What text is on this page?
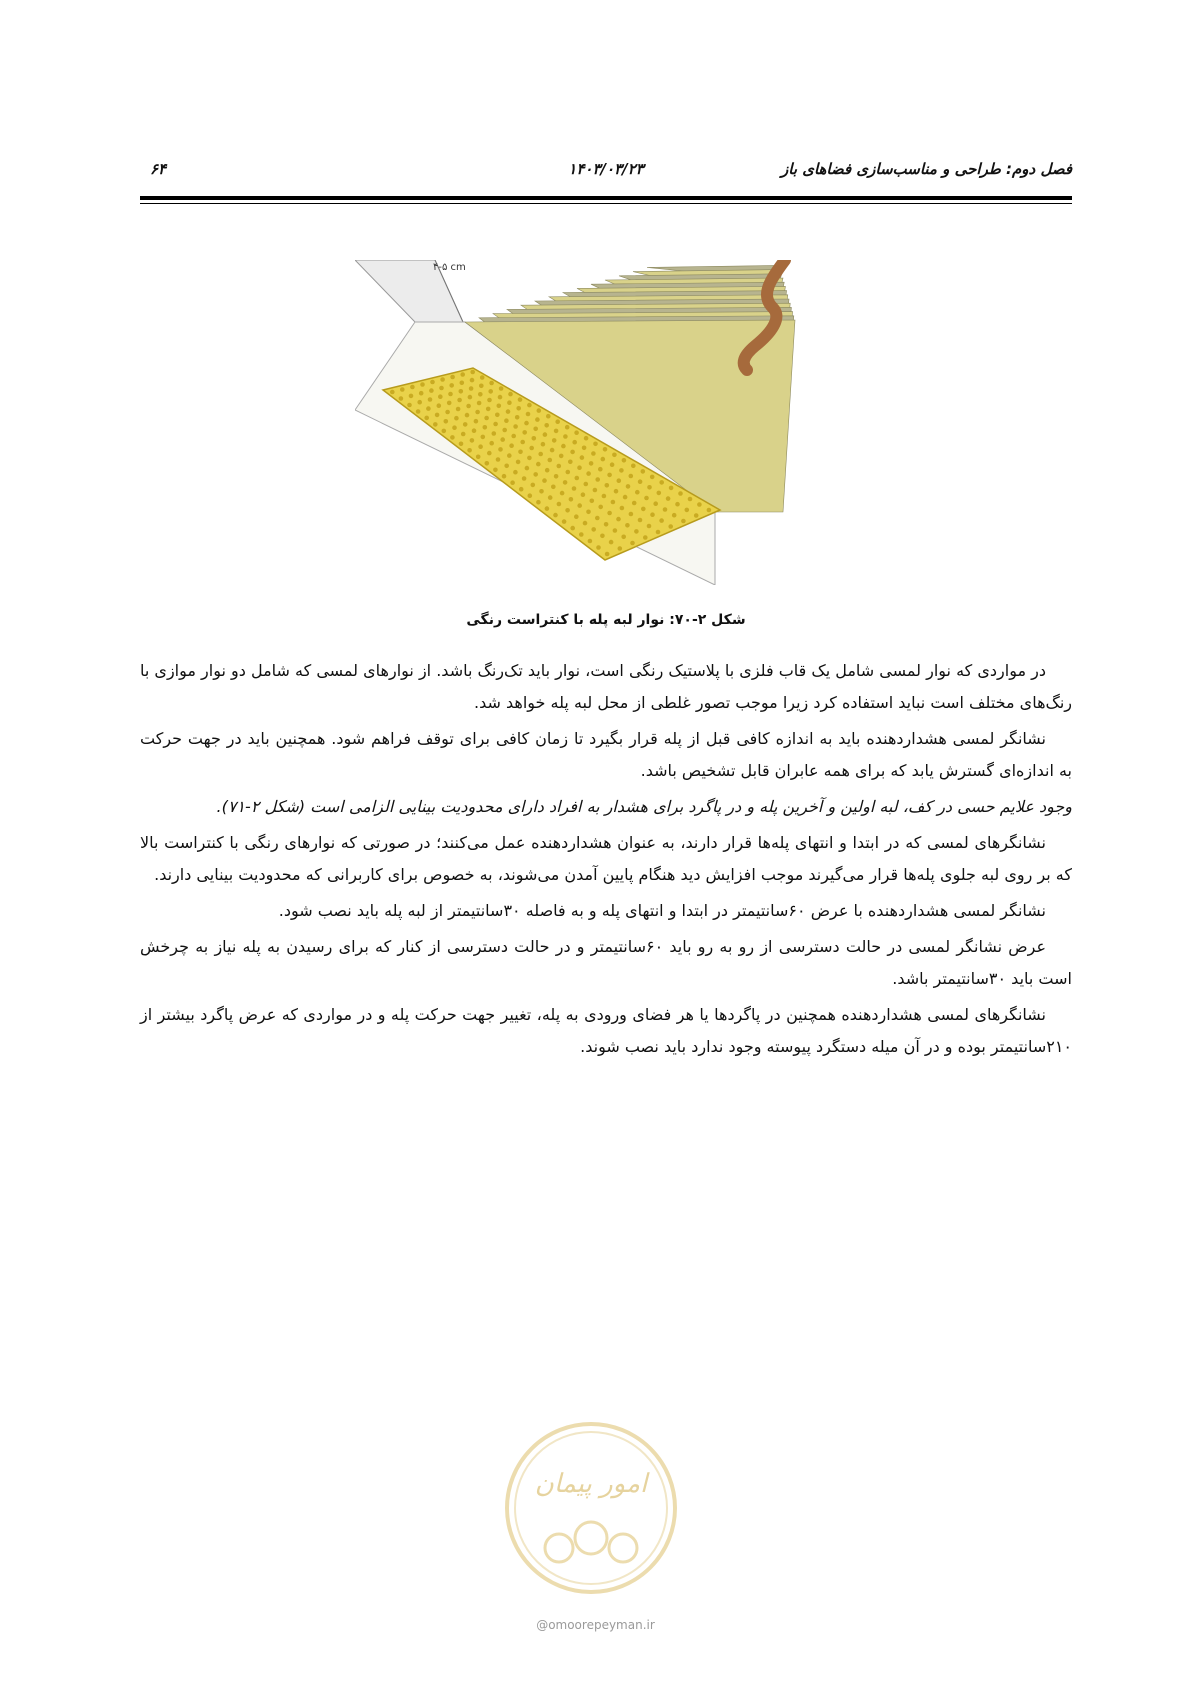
فصل دوم: طراحی و مناسب‌سازی فضاهای باز
۱۴۰۳/۰۳/۲۳
۶۴
۴-۵ cm
شکل ۲-۷۰: نوار لبه پله با کنتراست رنگی

در مواردی که نوار لمسی شامل یک قاب فلزی با پلاستیک رنگی است، نوار باید تک‌رنگ باشد. از نوارهای لمسی که شامل دو نوار موازی با رنگ‌های مختلف است نباید استفاده کرد زیرا موجب تصور غلطی از محل لبه پله خواهد شد.

نشانگر لمسی هشداردهنده باید به اندازه کافی قبل از پله قرار بگیرد تا زمان کافی برای توقف فراهم شود. همچنین باید در جهت حرکت به اندازه‌ای گسترش یابد که برای همه عابران قابل تشخیص باشد.

وجود علایم حسی در کف، لبه اولین و آخرین پله و در پاگرد برای هشدار به افراد دارای محدودیت بینایی الزامی است (شکل ۲-۷۱).

نشانگرهای لمسی که در ابتدا و انتهای پله‌ها قرار دارند، به عنوان هشداردهنده عمل می‌کنند؛ در صورتی که نوارهای رنگی با کنتراست بالا که بر روی لبه جلوی پله‌ها قرار می‌گیرند موجب افزایش دید هنگام پایین آمدن می‌شوند، به خصوص برای کاربرانی که محدودیت بینایی دارند.

نشانگر لمسی هشداردهنده با عرض ۶۰سانتیمتر در ابتدا و انتهای پله و به فاصله ۳۰سانتیمتر از لبه پله باید نصب شود.

عرض نشانگر لمسی در حالت دسترسی از رو به رو باید ۶۰سانتیمتر و در حالت دسترسی از کنار که برای رسیدن به پله نیاز به چرخش است باید ۳۰سانتیمتر باشد.

نشانگرهای لمسی هشداردهنده همچنین در پاگردها یا هر فضای ورودی به پله، تغییر جهت حرکت پله و در مواردی که عرض پاگرد بیشتر از ۲۱۰سانتیمتر بوده و در آن میله دستگرد پیوسته وجود ندارد باید نصب شوند.

امور پیمان
@omoorepeyman.ir
